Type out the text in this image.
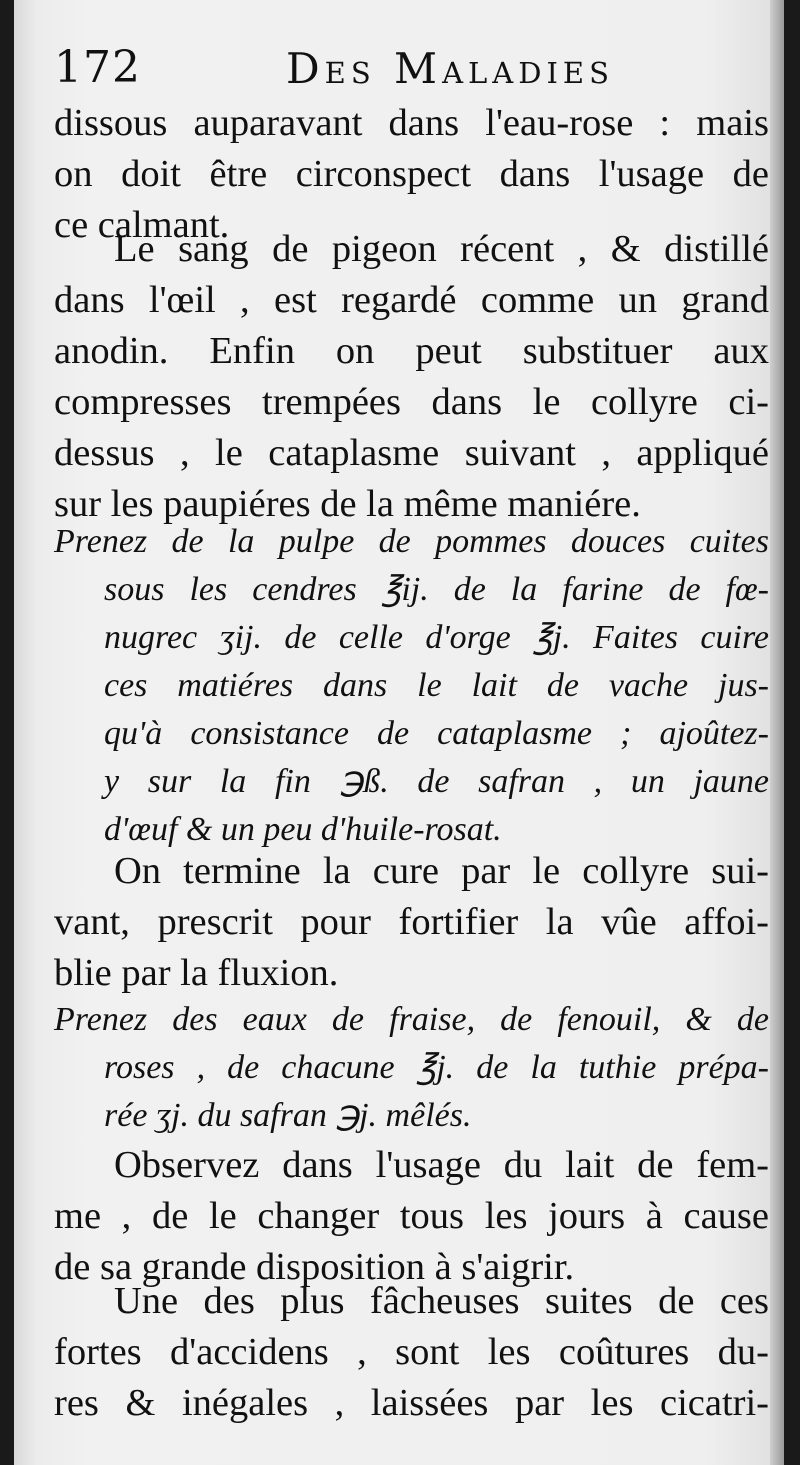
172	Des Maladies
dissous auparavant dans l'eau-rose : mais
on doit être circonspect dans l'usage de
ce calmant.
Le sang de pigeon récent , & distillé
dans l'œil , est regardé comme un grand
anodin. Enfin on peut substituer aux
compresses trempées dans le collyre ci-
dessus , le cataplasme suivant , appliqué
sur les paupiéres de la même maniére.
Prenez de la pulpe de pommes douces cuites
sous les cendres ℥ij. de la farine de fœ-
nugrec ʒij. de celle d'orge ℥j. Faites cuire
ces matiéres dans le lait de vache jus-
qu'à consistance de cataplasme ; ajoûtez-
y sur la fin ℈ß. de safran , un jaune
d'œuf & un peu d'huile-rosat.
On termine la cure par le collyre sui-
vant, prescrit pour fortifier la vûe affoi-
blie par la fluxion.
Prenez des eaux de fraise, de fenouil, & de
roses , de chacune ℥j. de la tuthie prépa-
rée ʒj. du safran ℈j. mêlés.
Observez dans l'usage du lait de fem-
me , de le changer tous les jours à cause
de sa grande disposition à s'aigrir.
Une des plus fâcheuses suites de ces
fortes d'accidens , sont les coûtures du-
res & inégales , laissées par les cicatri-
